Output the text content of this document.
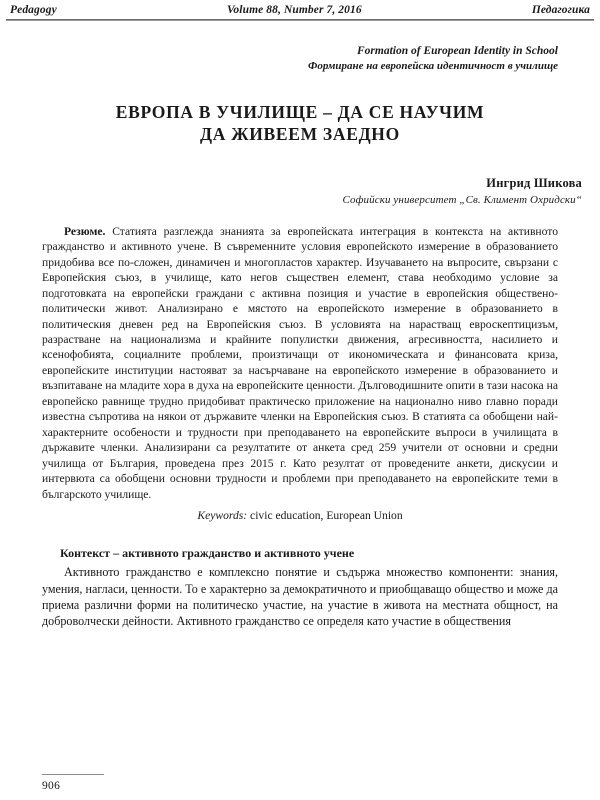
Pedagogy	Volume 88, Number 7, 2016	Педагогика
Formation of European Identity in School
Формиране на европейска идентичност в училище
ЕВРОПА В УЧИЛИЩЕ – ДА СЕ НАУЧИМ
ДА ЖИВЕЕМ ЗАЕДНО
Ингрид Шикова
Софийски университет „Св. Климент Охридски“

Резюме. Статията разглежда знанията за европейската интеграция в контекста на активното гражданство и активното учене. В съвременните условия европейското измерение в образованието придобива все по-сложен, динамичен и многопластов характер. Изучаването на въпросите, свързани с Европейския съюз, в училище, като негов съществен елемент, става необходимо условие за подготовката на европейски граждани с активна позиция и участие в европейския обществено-политически живот. Анализирано е мястото на европейското измерение в образованието в политическия дневен ред на Европейския съюз. В условията на нарастващ евроскептицизъм, разрастване на национализма и крайните популистки движения, агресивността, насилието и ксенофобията, социалните проблеми, произтичащи от икономическата и финансовата криза, европейските институции настояват за насърчаване на европейското измерение в образованието и възпитаване на младите хора в духа на европейските ценности. Дълговодишните опити в тази насока на европейско равнище трудно придобиват практическо приложение на национално ниво главно поради известна съпротива на някои от държавите членки на Европейския съюз. В статията са обобщени най-характерните особености и трудности при преподаването на европейските въпроси в училищата в държавите членки. Анализирани са резултатите от анкета сред 259 учители от основни и средни училища от България, проведена през 2015 г. Като резултат от проведените анкети, дискусии и интервюта са обобщени основни трудности и проблеми при преподаването на европейските теми в българското училище.

Keywords: civic education, European Union

Контекст – активното гражданство и активното учене

Активното гражданство е комплексно понятие и съдържа множество компоненти: знания, умения, нагласи, ценности. То е характерно за демократичното и приобщаващо общество и може да приема различни форми на политическо участие, на участие в живота на местната общност, на доброволчески дейности. Активното гражданство се определя като участие в обществения

906
